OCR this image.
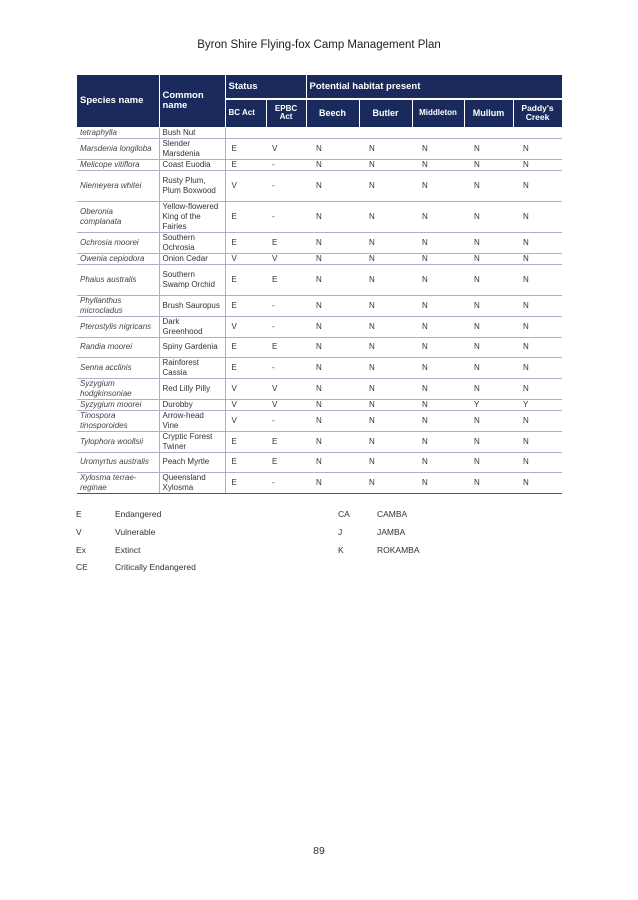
Byron Shire Flying-fox Camp Management Plan
Species name	Common name	Status		Potential habitat present				
		BC Act	EPBC Act	Beech	Butler	Middleton	Mullum	Paddy's Creek
tetraphylla	Bush Nut							
Marsdenia longiloba	Slender Marsdenia	E	V	N	N	N	N	N
Melicope vitiflora	Coast Euodia	E	-	N	N	N	N	N
Niemeyera whitei	Rusty Plum, Plum Boxwood	V	-	N	N	N	N	N
Oberonia complanata	Yellow-flowered King of the Fairies	E	-	N	N	N	N	N
Ochrosia moorei	Southern Ochrosia	E	E	N	N	N	N	N
Owenia cepiodora	Onion Cedar	V	V	N	N	N	N	N
Phaius australis	Southern Swamp Orchid	E	E	N	N	N	N	N
Phyllanthus microcladus	Brush Sauropus	E	-	N	N	N	N	N
Pterostylis nigricans	Dark Greenhood	V	-	N	N	N	N	N
Randia moorei	Spiny Gardenia	E	E	N	N	N	N	N
Senna acclinis	Rainforest Cassia	E	-	N	N	N	N	N
Syzygium hodgkinsoniae	Red Lilly Pilly	V	V	N	N	N	N	N
Syzygium moorei	Durobby	V	V	N	N	N	Y	Y
Tinospora tinosporoides	Arrow-head Vine	V	-	N	N	N	N	N
Tylophora woollsii	Cryptic Forest Twiner	E	E	N	N	N	N	N
Uromyrtus australis	Peach Myrtle	E	E	N	N	N	N	N
Xylosma terrae-reginae	Queensland Xylosma	E	-	N	N	N	N	N
E	Endangered
V	Vulnerable
Ex	Extinct
CE	Critically Endangered
CA	CAMBA
J	JAMBA
K	ROKAMBA
89
